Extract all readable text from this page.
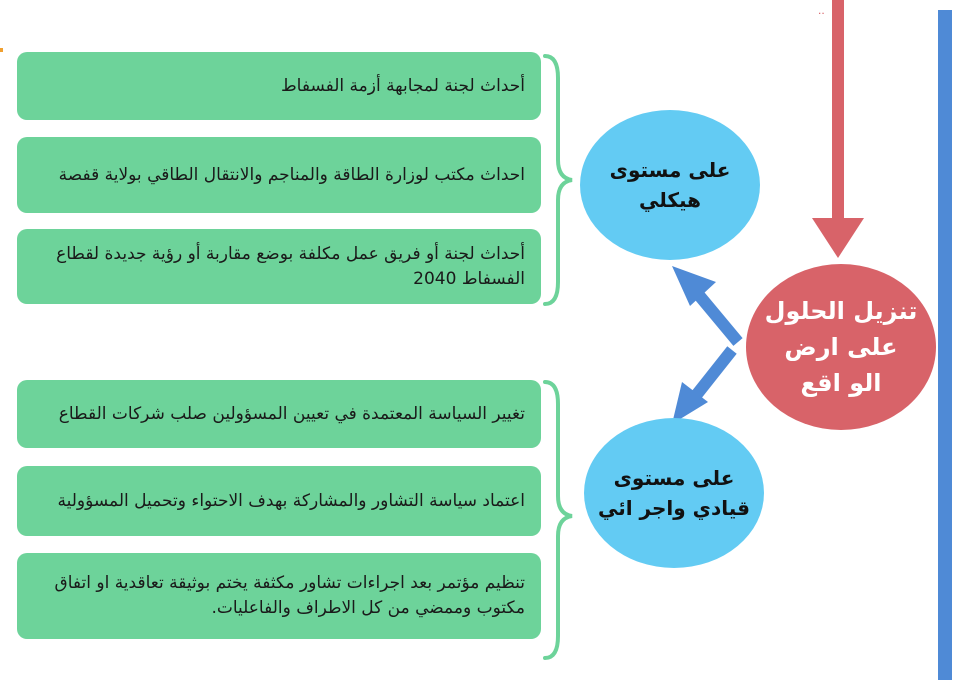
أحداث لجنة لمجابهة أزمة الفسفاط
احداث مكتب لوزارة الطاقة والمناجم والانتقال الطاقي بولاية قفصة
أحداث لجنة أو فريق عمل مكلفة بوضع مقاربة أو رؤية جديدة لقطاع الفسفاط 2040
تغيير السياسة المعتمدة في تعيين المسؤولين صلب شركات القطاع
اعتماد سياسة التشاور والمشاركة بهدف الاحتواء وتحميل المسؤولية
تنظيم مؤتمر بعد اجراءات تشاور مكثفة يختم بوثيقة تعاقدية او اتفاق مكتوب وممضي من كل الاطراف والفاعليات.
..
على مستوى
هيكلي
على مستوى
قيادي واجر ائي
تنزيل الحلول
على ارض
الو اقع
